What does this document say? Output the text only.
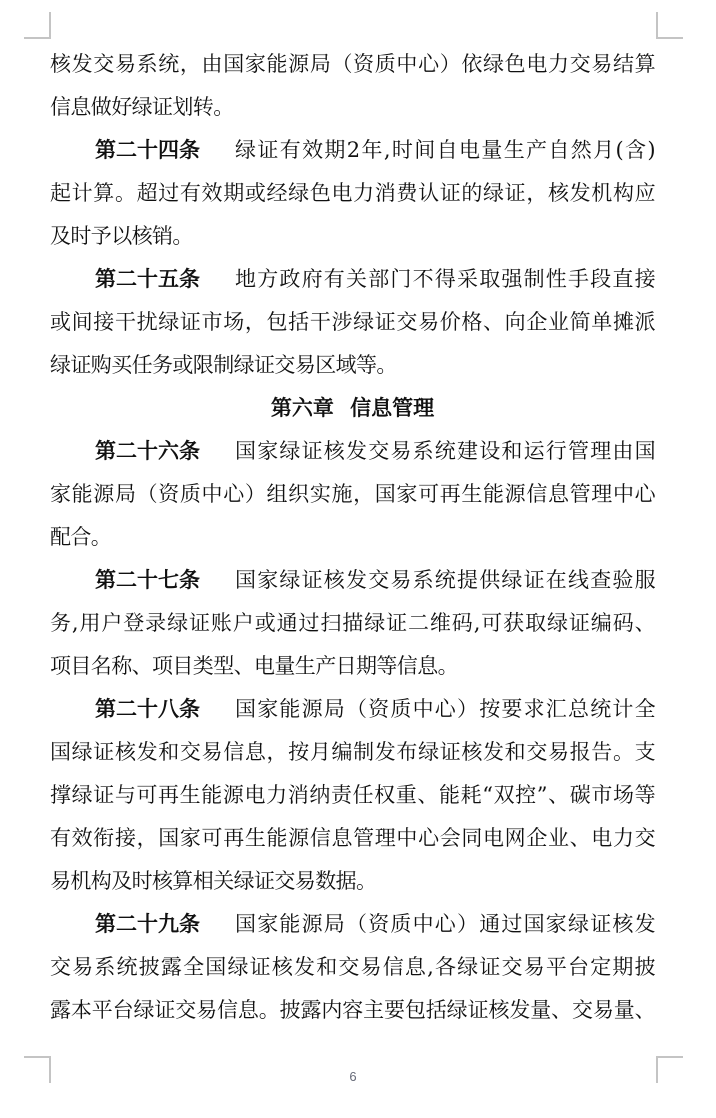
核发交易系统，由国家能源局（资质中心）依绿色电力交易结算
信息做好绿证划转。
第二十四条 绿证有效期2年,时间自电量生产自然月(含)
起计算。超过有效期或经绿色电力消费认证的绿证，核发机构应
及时予以核销。
第二十五条 地方政府有关部门不得采取强制性手段直接
或间接干扰绿证市场，包括干涉绿证交易价格、向企业简单摊派
绿证购买任务或限制绿证交易区域等。
第六章 信息管理
第二十六条 国家绿证核发交易系统建设和运行管理由国
家能源局（资质中心）组织实施，国家可再生能源信息管理中心
配合。
第二十七条 国家绿证核发交易系统提供绿证在线查验服
务,用户登录绿证账户或通过扫描绿证二维码,可获取绿证编码、
项目名称、项目类型、电量生产日期等信息。
第二十八条 国家能源局（资质中心）按要求汇总统计全
国绿证核发和交易信息，按月编制发布绿证核发和交易报告。支
撑绿证与可再生能源电力消纳责任权重、能耗“双控”、碳市场等
有效衔接，国家可再生能源信息管理中心会同电网企业、电力交
易机构及时核算相关绿证交易数据。
第二十九条 国家能源局（资质中心）通过国家绿证核发
交易系统披露全国绿证核发和交易信息,各绿证交易平台定期披
露本平台绿证交易信息。披露内容主要包括绿证核发量、交易量、
6
